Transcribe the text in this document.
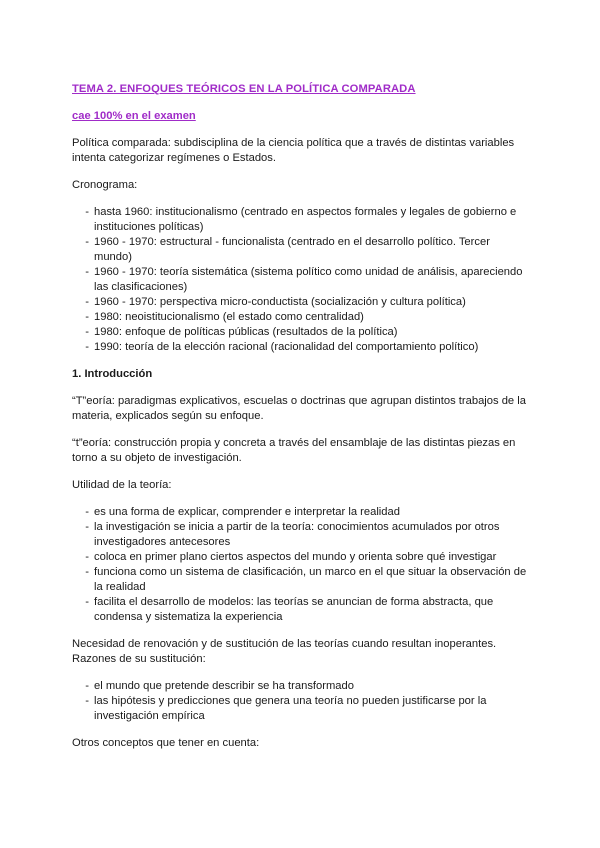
TEMA 2. ENFOQUES TEÓRICOS EN LA POLÍTICA COMPARADA
cae 100% en el examen

Política comparada: subdisciplina de la ciencia política que a través de distintas variables intenta categorizar regímenes o Estados.

Cronograma:

- hasta 1960: institucionalismo (centrado en aspectos formales y legales de gobierno e instituciones políticas)
- 1960 - 1970: estructural - funcionalista (centrado en el desarrollo político. Tercer mundo)
- 1960 - 1970: teoría sistemática (sistema político como unidad de análisis, apareciendo las clasificaciones)
- 1960 - 1970: perspectiva micro-conductista (socialización y cultura política)
- 1980: neoistitucionalismo (el estado como centralidad)
- 1980: enfoque de políticas públicas (resultados de la política)
- 1990: teoría de la elección racional (racionalidad del comportamiento político)

1. Introducción

“T”eoría: paradigmas explicativos, escuelas o doctrinas que agrupan distintos trabajos de la materia, explicados según su enfoque.

“t”eoría: construcción propia y concreta a través del ensamblaje de las distintas piezas en torno a su objeto de investigación.

Utilidad de la teoría:

- es una forma de explicar, comprender e interpretar la realidad
- la investigación se inicia a partir de la teoría: conocimientos acumulados por otros investigadores antecesores
- coloca en primer plano ciertos aspectos del mundo y orienta sobre qué investigar
- funciona como un sistema de clasificación, un marco en el que situar la observación de la realidad
- facilita el desarrollo de modelos: las teorías se anuncian de forma abstracta, que condensa y sistematiza la experiencia

Necesidad de renovación y de sustitución de las teorías cuando resultan inoperantes. Razones de su sustitución:

- el mundo que pretende describir se ha transformado
- las hipótesis y predicciones que genera una teoría no pueden justificarse por la investigación empírica

Otros conceptos que tener en cuenta:
